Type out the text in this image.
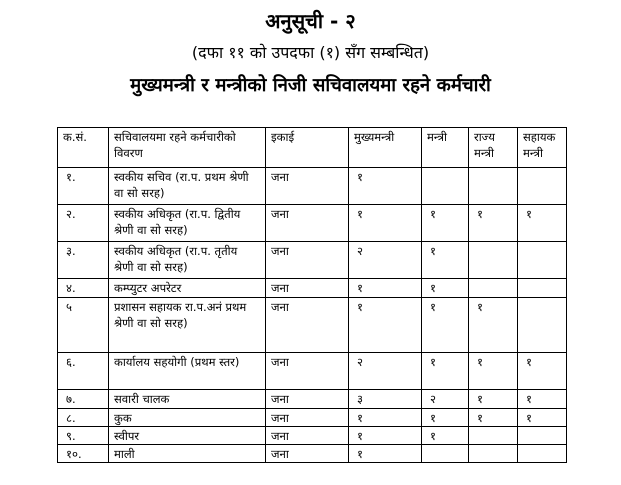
अनुसूची - २
(दफा ११ को उपदफा (१) सँग सम्बन्धित)
मुख्यमन्त्री र मन्त्रीको निजी सचिवालयमा रहने कर्मचारी
क.सं.	सचिवालयमा रहने कर्मचारीको विवरण	इकाई	मुख्यमन्त्री	मन्त्री	राज्य मन्त्री	सहायक मन्त्री
१.	स्वकीय सचिव (रा.प. प्रथम श्रेणी वा सो सरह)	जना	१			
२.	स्वकीय अधिकृत (रा.प. द्वितीय श्रेणी वा सो सरह)	जना	१	१	१	१
३.	स्वकीय अधिकृत (रा.प. तृतीय श्रेणी वा सो सरह)	जना	२	१		
४.	कम्प्युटर अपरेटर	जना	१	१		
५	प्रशासन सहायक रा.प.अनं प्रथम श्रेणी वा सो सरह)	जना	१	१	१	
६.	कार्यालय सहयोगी (प्रथम स्तर)	जना	२	१	१	१
७.	सवारी चालक	जना	३	२	१	१
८.	कुक	जना	१	१	१	१
९.	स्वीपर	जना	१	१		
१०.	माली	जना	१			
